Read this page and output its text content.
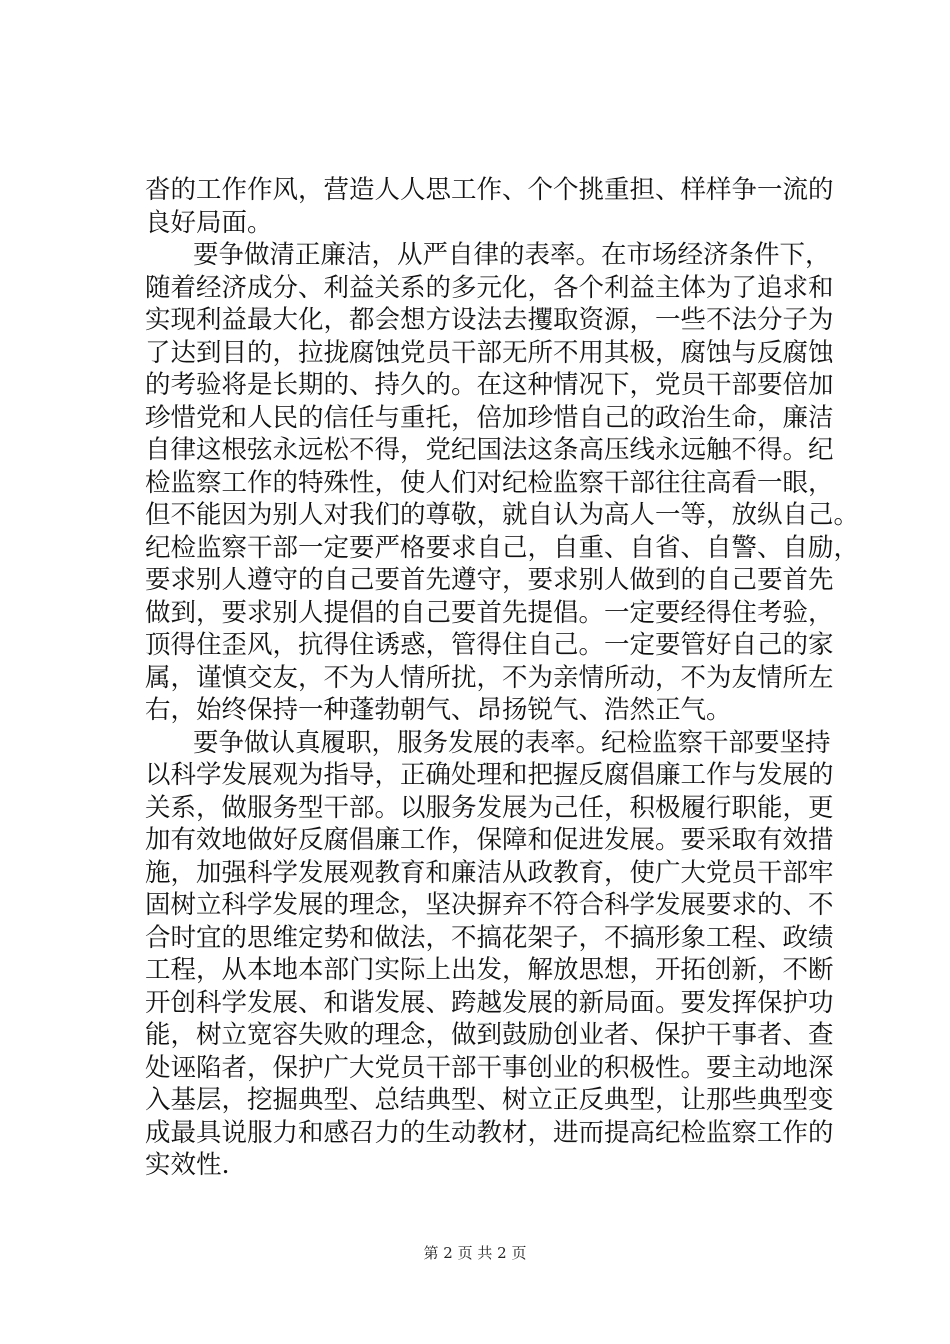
沓的工作作风，营造人人思工作、个个挑重担、样样争一流的
良好局面。
要争做清正廉洁，从严自律的表率。在市场经济条件下，
随着经济成分、利益关系的多元化，各个利益主体为了追求和
实现利益最大化，都会想方设法去攫取资源，一些不法分子为
了达到目的，拉拢腐蚀党员干部无所不用其极，腐蚀与反腐蚀
的考验将是长期的、持久的。在这种情况下，党员干部要倍加
珍惜党和人民的信任与重托，倍加珍惜自己的政治生命，廉洁
自律这根弦永远松不得，党纪国法这条高压线永远触不得。纪
检监察工作的特殊性，使人们对纪检监察干部往往高看一眼，
但不能因为别人对我们的尊敬，就自认为高人一等，放纵自己。
纪检监察干部一定要严格要求自己，自重、自省、自警、自励，
要求别人遵守的自己要首先遵守，要求别人做到的自己要首先
做到，要求别人提倡的自己要首先提倡。一定要经得住考验，
顶得住歪风，抗得住诱惑，管得住自己。一定要管好自己的家
属，谨慎交友，不为人情所扰，不为亲情所动，不为友情所左
右，始终保持一种蓬勃朝气、昂扬锐气、浩然正气。
要争做认真履职，服务发展的表率。纪检监察干部要坚持
以科学发展观为指导，正确处理和把握反腐倡廉工作与发展的
关系，做服务型干部。以服务发展为己任，积极履行职能，更
加有效地做好反腐倡廉工作，保障和促进发展。要采取有效措
施，加强科学发展观教育和廉洁从政教育，使广大党员干部牢
固树立科学发展的理念，坚决摒弃不符合科学发展要求的、不
合时宜的思维定势和做法，不搞花架子，不搞形象工程、政绩
工程，从本地本部门实际上出发，解放思想，开拓创新，不断
开创科学发展、和谐发展、跨越发展的新局面。要发挥保护功
能，树立宽容失败的理念，做到鼓励创业者、保护干事者、查
处诬陷者，保护广大党员干部干事创业的积极性。要主动地深
入基层，挖掘典型、总结典型、树立正反典型，让那些典型变
成最具说服力和感召力的生动教材，进而提高纪检监察工作的
实效性.
第 2 页 共 2 页
